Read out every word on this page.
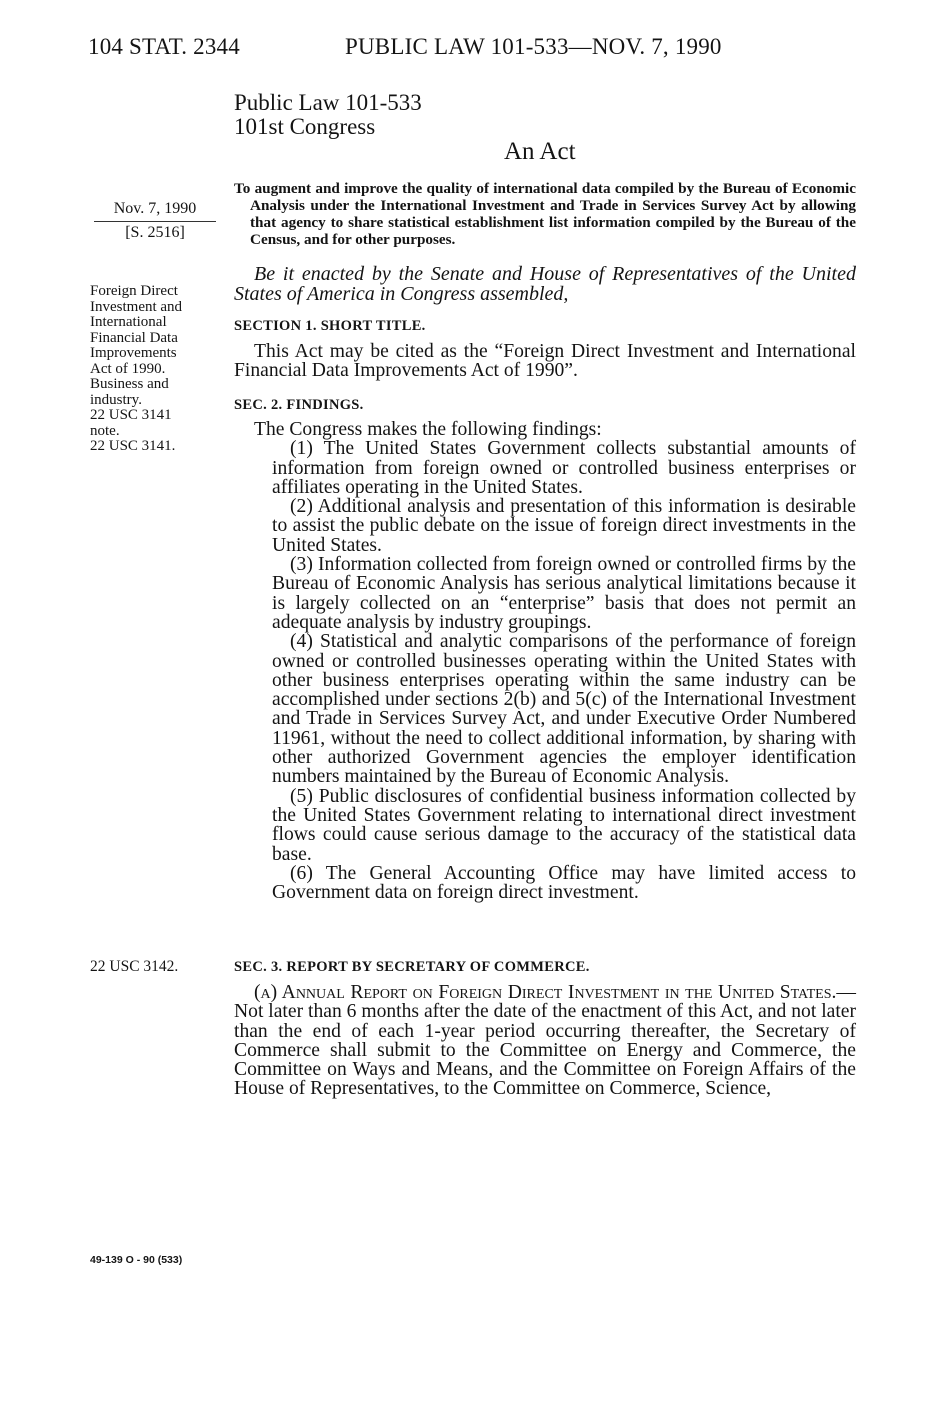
104 STAT. 2344	PUBLIC LAW 101-533—NOV. 7, 1990
Public Law 101-533
101st Congress
An Act

To augment and improve the quality of international data compiled by the Bureau of Economic Analysis under the International Investment and Trade in Services Survey Act by allowing that agency to share statistical establishment list information compiled by the Bureau of the Census, and for other purposes.

Nov. 7, 1990
[S. 2516]
Foreign Direct
Investment and
International
Financial Data
Improvements
Act of 1990.
Business and
industry.
22 USC 3141
note.
22 USC 3141.
22 USC 3142.

Be it enacted by the Senate and House of Representatives of the United States of America in Congress assembled,

SECTION 1. SHORT TITLE.

This Act may be cited as the “Foreign Direct Investment and International Financial Data Improvements Act of 1990”.

SEC. 2. FINDINGS.

The Congress makes the following findings:

(1) The United States Government collects substantial amounts of information from foreign owned or controlled business enterprises or affiliates operating in the United States.

(2) Additional analysis and presentation of this information is desirable to assist the public debate on the issue of foreign direct investments in the United States.

(3) Information collected from foreign owned or controlled firms by the Bureau of Economic Analysis has serious analytical limitations because it is largely collected on an “enterprise” basis that does not permit an adequate analysis by industry groupings.

(4) Statistical and analytic comparisons of the performance of foreign owned or controlled businesses operating within the United States with other business enterprises operating within the same industry can be accomplished under sections 2(b) and 5(c) of the International Investment and Trade in Services Survey Act, and under Executive Order Numbered 11961, without the need to collect additional information, by sharing with other authorized Government agencies the employer identification numbers maintained by the Bureau of Economic Analysis.

(5) Public disclosures of confidential business information collected by the United States Government relating to international direct investment flows could cause serious damage to the accuracy of the statistical data base.

(6) The General Accounting Office may have limited access to Government data on foreign direct investment.

SEC. 3. REPORT BY SECRETARY OF COMMERCE.

(a) Annual Report on Foreign Direct Investment in the United States.—Not later than 6 months after the date of the enactment of this Act, and not later than the end of each 1-year period occurring thereafter, the Secretary of Commerce shall submit to the Committee on Energy and Commerce, the Committee on Ways and Means, and the Committee on Foreign Affairs of the House of Representatives, to the Committee on Commerce, Science,

49-139 O - 90 (533)
